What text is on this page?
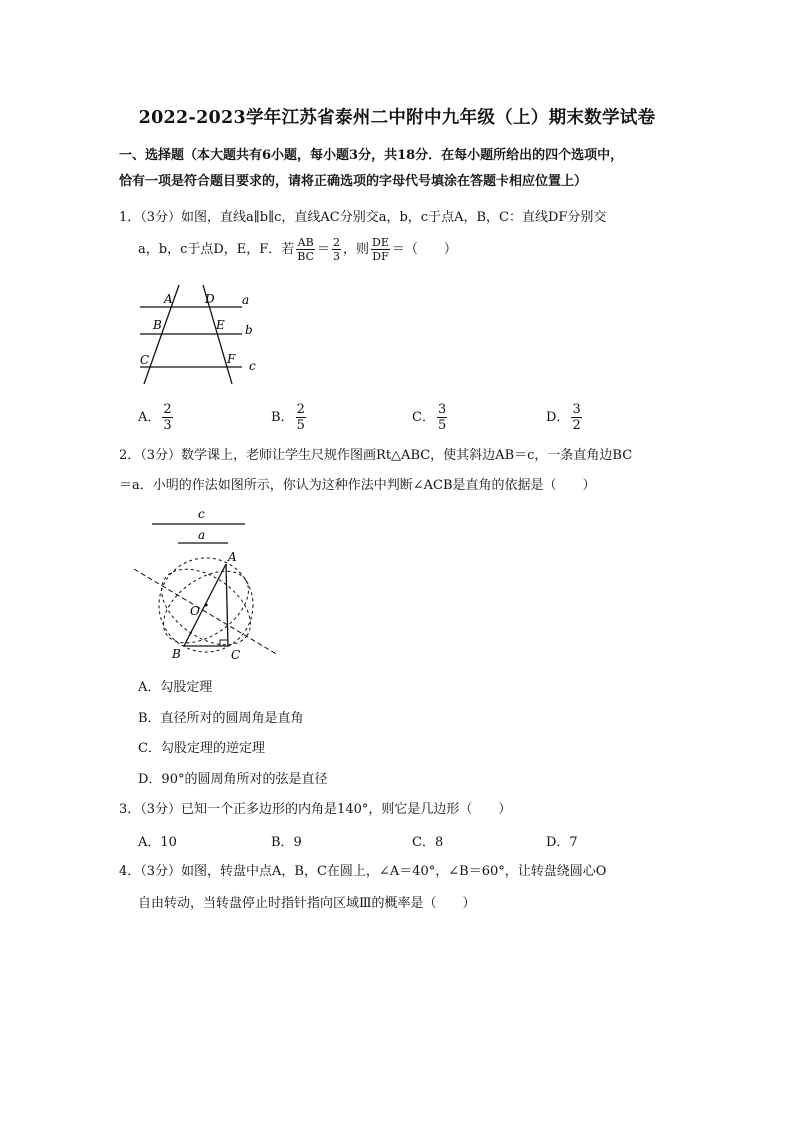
2022-2023学年江苏省泰州二中附中九年级（上）期末数学试卷
一、选择题（本大题共有6小题，每小题3分，共18分．在每小题所给出的四个选项中，
恰有一项是符合题目要求的，请将正确选项的字母代号填涂在答题卡相应位置上）
1．（3分）如图，直线a∥b∥c，直线AC分别交a，b，c于点A，B，C：直线DF分别交
a，b，c于点D，E，F．若 $\frac{AB}{BC} = \frac{2}{3}$ ，则 $\frac{DE}{DF}$ ＝（　　）
A	D a
B	E b
C	F c
A． $\frac{2}{3}$	B． $\frac{2}{5}$	C． $\frac{3}{5}$	D． $\frac{3}{2}$
2．（3分）数学课上，老师让学生尺规作图画Rt△ABC，使其斜边AB＝c，一条直角边BC
＝a．小明的作法如图所示，你认为这种作法中判断∠ACB是直角的依据是（　　）
c
a
A
O
B	C
A．勾股定理
B．直径所对的圆周角是直角
C．勾股定理的逆定理
D．90°的圆周角所对的弦是直径
3．（3分）已知一个正多边形的内角是140°，则它是几边形（　　）
A．10	B．9	C．8	D．7
4．（3分）如图，转盘中点A，B，C在圆上，∠A＝40°，∠B＝60°，让转盘绕圆心O
自由转动，当转盘停止时指针指向区域Ⅲ的概率是（　　）
